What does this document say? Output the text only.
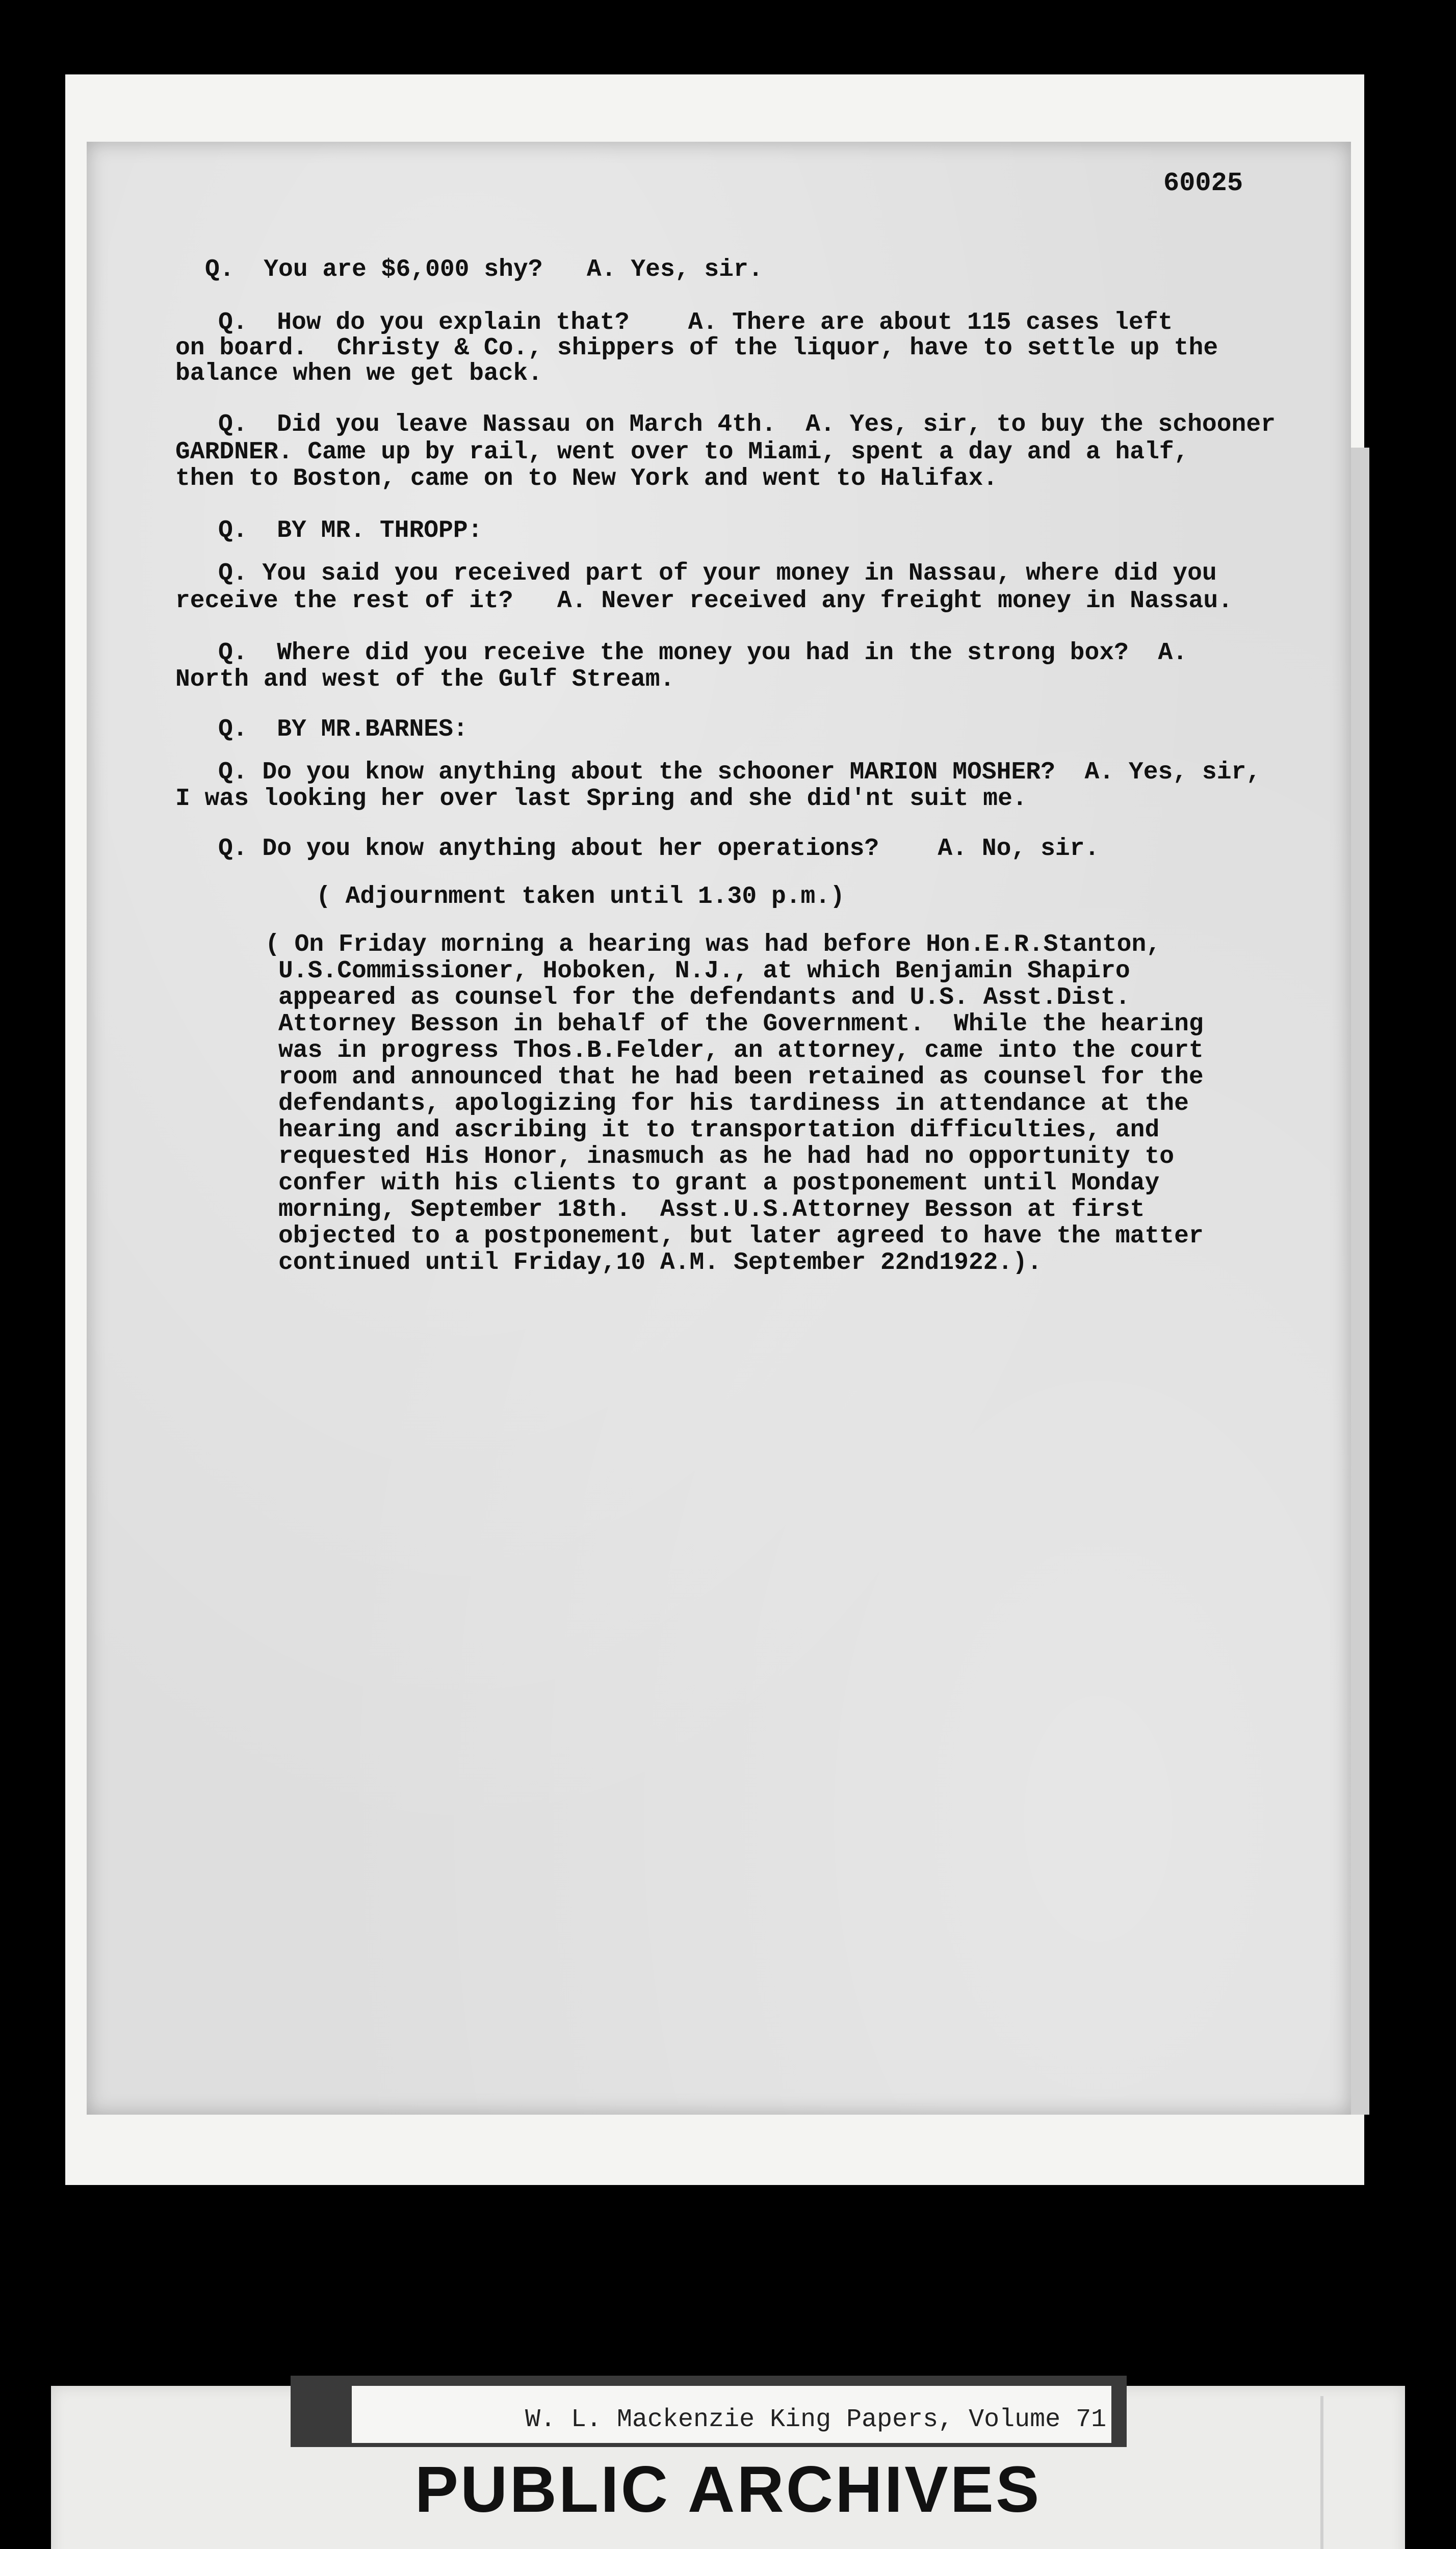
60025
Q.  You are $6,000 shy?   A. Yes, sir.
Q.  How do you explain that?    A. There are about 115 cases left
on board.  Christy & Co., shippers of the liquor, have to settle up the
balance when we get back.
Q.  Did you leave Nassau on March 4th.  A. Yes, sir, to buy the schooner
GARDNER. Came up by rail, went over to Miami, spent a day and a half,
then to Boston, came on to New York and went to Halifax.
Q.  BY MR. THROPP:
Q. You said you received part of your money in Nassau, where did you
receive the rest of it?   A. Never received any freight money in Nassau.
Q.  Where did you receive the money you had in the strong box?  A.
North and west of the Gulf Stream.
Q.  BY MR.BARNES:
Q. Do you know anything about the schooner MARION MOSHER?  A. Yes, sir,
I was looking her over last Spring and she did'nt suit me.
Q. Do you know anything about her operations?    A. No, sir.
( Adjournment taken until 1.30 p.m.)
( On Friday morning a hearing was had before Hon.E.R.Stanton,
U.S.Commissioner, Hoboken, N.J., at which Benjamin Shapiro
appeared as counsel for the defendants and U.S. Asst.Dist.
Attorney Besson in behalf of the Government.  While the hearing
was in progress Thos.B.Felder, an attorney, came into the court
room and announced that he had been retained as counsel for the
defendants, apologizing for his tardiness in attendance at the
hearing and ascribing it to transportation difficulties, and
requested His Honor, inasmuch as he had had no opportunity to
confer with his clients to grant a postponement until Monday
morning, September 18th.  Asst.U.S.Attorney Besson at first
objected to a postponement, but later agreed to have the matter
continued until Friday,10 A.M. September 22nd1922.).
W. L. Mackenzie King Papers, Volume 71
PUBLIC ARCHIVES
